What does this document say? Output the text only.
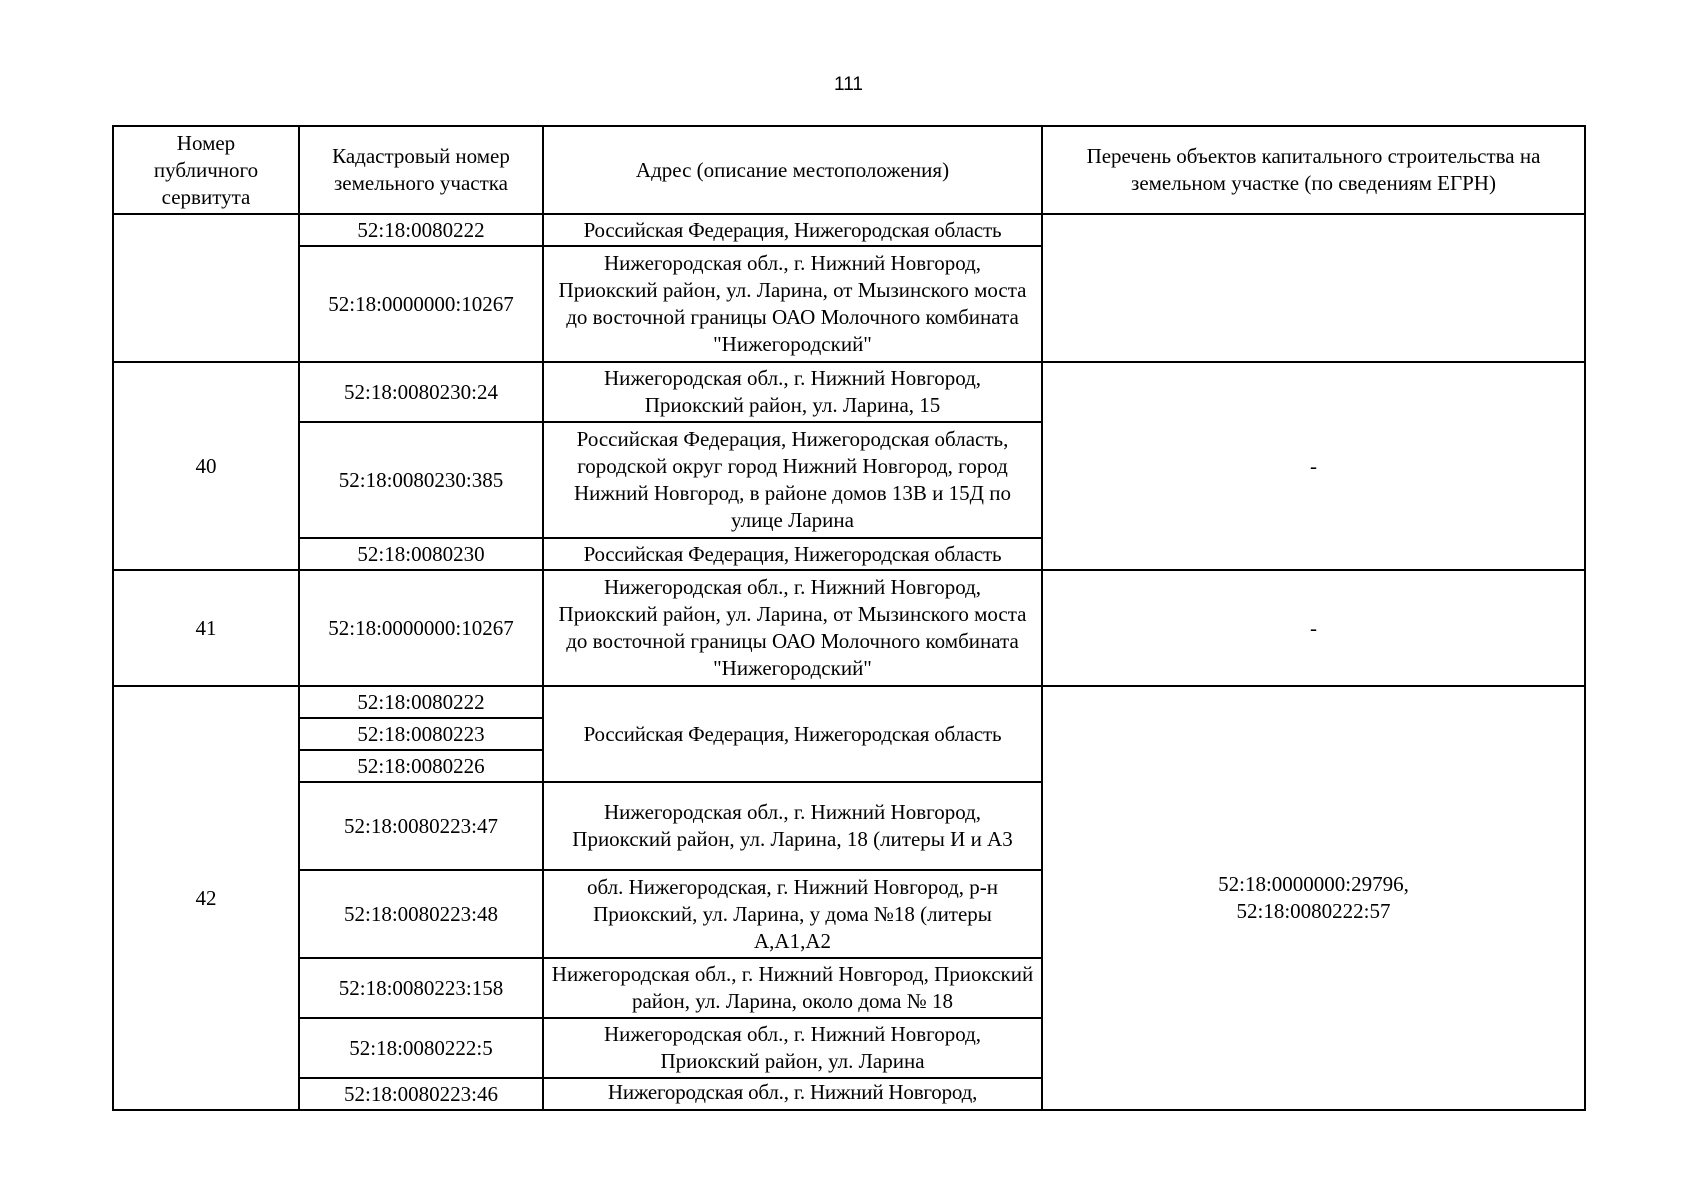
111
Номер публичного сервитута	Кадастровый номер земельного участка	Адрес (описание местоположения)	Перечень объектов капитального строительства на земельном участке (по сведениям ЕГРН)
	52:18:0080222	Российская Федерация, Нижегородская область	
	52:18:0000000:10267	Нижегородская обл., г. Нижний Новгород, Приокский район, ул. Ларина, от Мызинского моста до восточной границы ОАО Молочного комбината "Нижегородский"	
40	52:18:0080230:24	Нижегородская обл., г. Нижний Новгород, Приокский район, ул. Ларина, 15	-
	52:18:0080230:385	Российская Федерация, Нижегородская область, городской округ город Нижний Новгород, город Нижний Новгород, в районе домов 13В и 15Д по улице Ларина	
	52:18:0080230	Российская Федерация, Нижегородская область	
41	52:18:0000000:10267	Нижегородская обл., г. Нижний Новгород, Приокский район, ул. Ларина, от Мызинского моста до восточной границы ОАО Молочного комбината "Нижегородский"	-
42	52:18:0080222	Российская Федерация, Нижегородская область	52:18:0000000:29796, 52:18:0080222:57
	52:18:0080223		
	52:18:0080226		
	52:18:0080223:47	Нижегородская обл., г. Нижний Новгород, Приокский район, ул. Ларина, 18 (литеры И и А3	
	52:18:0080223:48	обл. Нижегородская, г. Нижний Новгород, р-н Приокский, ул. Ларина, у дома №18 (литеры А,А1,А2	
	52:18:0080223:158	Нижегородская обл., г. Нижний Новгород, Приокский район, ул. Ларина, около дома № 18	
	52:18:0080222:5	Нижегородская обл., г. Нижний Новгород, Приокский район, ул. Ларина	
	52:18:0080223:46	Нижегородская обл., г. Нижний Новгород,	
